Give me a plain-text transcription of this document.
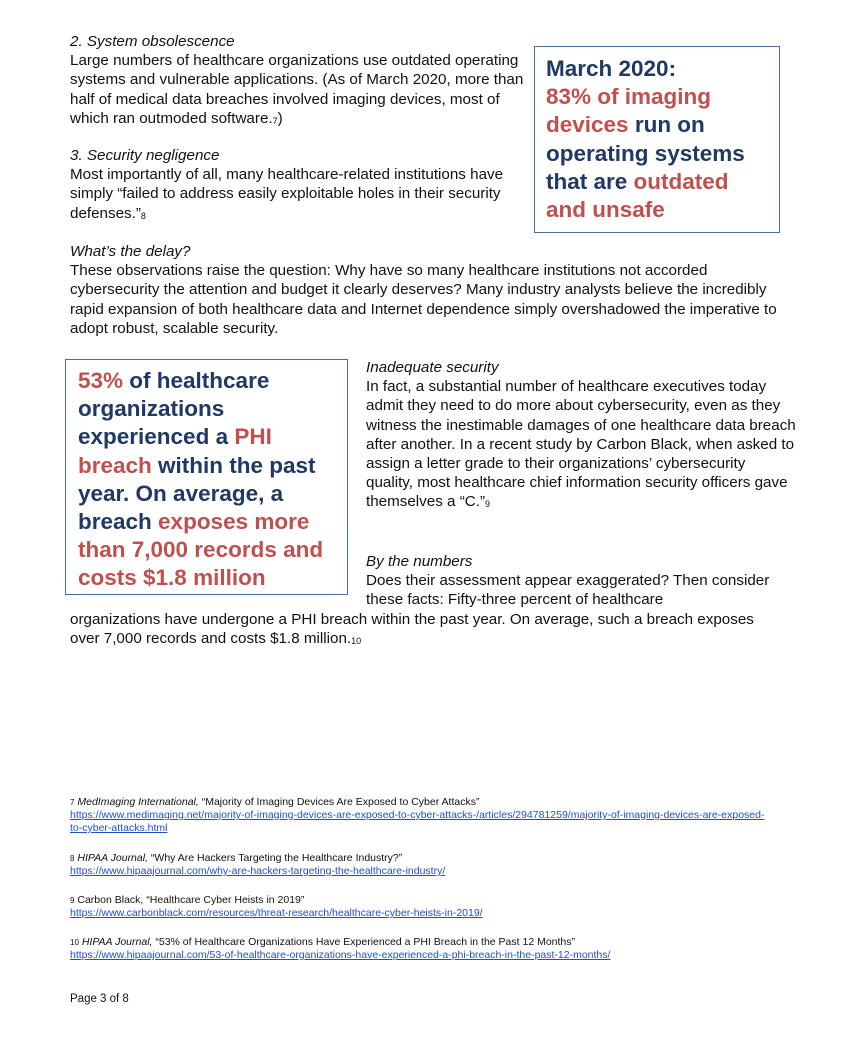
2. System obsolescence

Large numbers of healthcare organizations use outdated operating systems and vulnerable applications. (As of March 2020, more than half of medical data breaches involved imaging devices, most of which ran outmoded software.7)

3. Security negligence

Most importantly of all, many healthcare-related institutions have simply “failed to address easily exploitable holes in their security defenses.”8

March 2020:
83% of imaging devices run on operating systems that are outdated and unsafe

What’s the delay?

These observations raise the question: Why have so many healthcare institutions not accorded cybersecurity the attention and budget it clearly deserves? Many industry analysts believe the incredibly rapid expansion of both healthcare data and Internet dependence simply overshadowed the imperative to adopt robust, scalable security.

53% of healthcare organizations experienced a PHI breach within the past year. On average, a breach exposes more than 7,000 records and costs $1.8 million

Inadequate security

In fact, a substantial number of healthcare executives today admit they need to do more about cybersecurity, even as they witness the inestimable damages of one healthcare data breach after another. In a recent study by Carbon Black, when asked to assign a letter grade to their organizations’ cybersecurity quality, most healthcare chief information security officers gave themselves a “C.”9

By the numbers

Does their assessment appear exaggerated? Then consider these facts: Fifty-three percent of healthcare

organizations have undergone a PHI breach within the past year. On average, such a breach exposes over 7,000 records and costs $1.8 million.10

7 MedImaging International, “Majority of Imaging Devices Are Exposed to Cyber Attacks”
https://www.medimaging.net/majority-of-imaging-devices-are-exposed-to-cyber-attacks-/articles/294781259/majority-of-imaging-devices-are-exposed-to-cyber-attacks.html
8 HIPAA Journal, “Why Are Hackers Targeting the Healthcare Industry?”
https://www.hipaajournal.com/why-are-hackers-targeting-the-healthcare-industry/
9 Carbon Black, “Healthcare Cyber Heists in 2019”
https://www.carbonblack.com/resources/threat-research/healthcare-cyber-heists-in-2019/
10 HIPAA Journal, “53% of Healthcare Organizations Have Experienced a PHI Breach in the Past 12 Months”
https://www.hipaajournal.com/53-of-healthcare-organizations-have-experienced-a-phi-breach-in-the-past-12-months/
Page 3 of 8
